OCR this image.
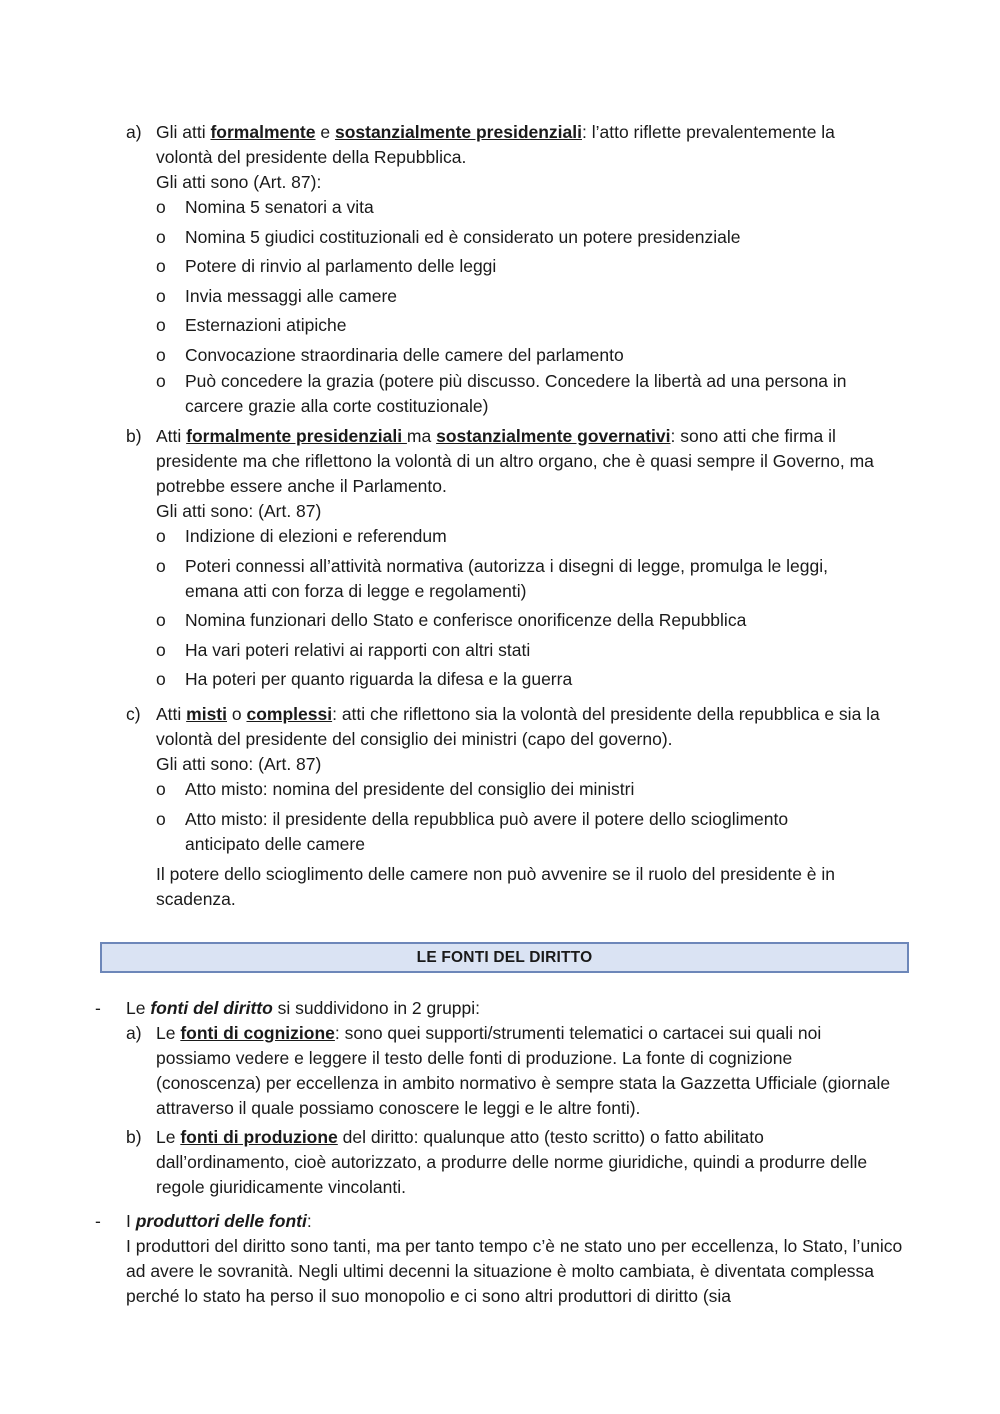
a) Gli atti formalmente e sostanzialmente presidenziali: l’atto riflette prevalentemente la volontà del presidente della Repubblica.
Gli atti sono (Art. 87):
o	Nomina 5 senatori a vita
o	Nomina 5 giudici costituzionali ed è considerato un potere presidenziale
o	Potere di rinvio al parlamento delle leggi
o	Invia messaggi alle camere
o	Esternazioni atipiche
o	Convocazione straordinaria delle camere del parlamento
o Può concedere la grazia (potere più discusso. Concedere la libertà ad una persona in carcere grazie alla corte costituzionale)
b) Atti formalmente presidenziali ma sostanzialmente governativi: sono atti che firma il presidente ma che riflettono la volontà di un altro organo, che è quasi sempre il Governo, ma potrebbe essere anche il Parlamento.
Gli atti sono: (Art. 87)
o	Indizione di elezioni e referendum
o Poteri connessi all’attività normativa (autorizza i disegni di legge, promulga le leggi, emana atti con forza di legge e regolamenti)
o	Nomina funzionari dello Stato e conferisce onorificenze della Repubblica
o	Ha vari poteri relativi ai rapporti con altri stati
o	Ha poteri per quanto riguarda la difesa e la guerra
c) Atti misti o complessi: atti che riflettono sia la volontà del presidente della repubblica e sia la volontà del presidente del consiglio dei ministri (capo del governo).
Gli atti sono: (Art. 87)
o	Atto misto: nomina del presidente del consiglio dei ministri
o Atto misto: il presidente della repubblica può avere il potere dello scioglimento anticipato delle camere
Il potere dello scioglimento delle camere non può avvenire se il ruolo del presidente è in scadenza.
LE FONTI DEL DIRITTO
- Le fonti del diritto si suddividono in 2 gruppi:
a) Le fonti di cognizione: sono quei supporti/strumenti telematici o cartacei sui quali noi possiamo vedere e leggere il testo delle fonti di produzione. La fonte di cognizione (conoscenza) per eccellenza in ambito normativo è sempre stata la Gazzetta Ufficiale (giornale attraverso il quale possiamo conoscere le leggi e le altre fonti).
b) Le fonti di produzione del diritto: qualunque atto (testo scritto) o fatto abilitato dall’ordinamento, cioè autorizzato, a produrre delle norme giuridiche, quindi a produrre delle regole giuridicamente vincolanti.
- I produttori delle fonti:
I produttori del diritto sono tanti, ma per tanto tempo c’è ne stato uno per eccellenza, lo Stato, l’unico ad avere le sovranità. Negli ultimi decenni la situazione è molto cambiata, è diventata complessa perché lo stato ha perso il suo monopolio e ci sono altri produttori di diritto (sia
